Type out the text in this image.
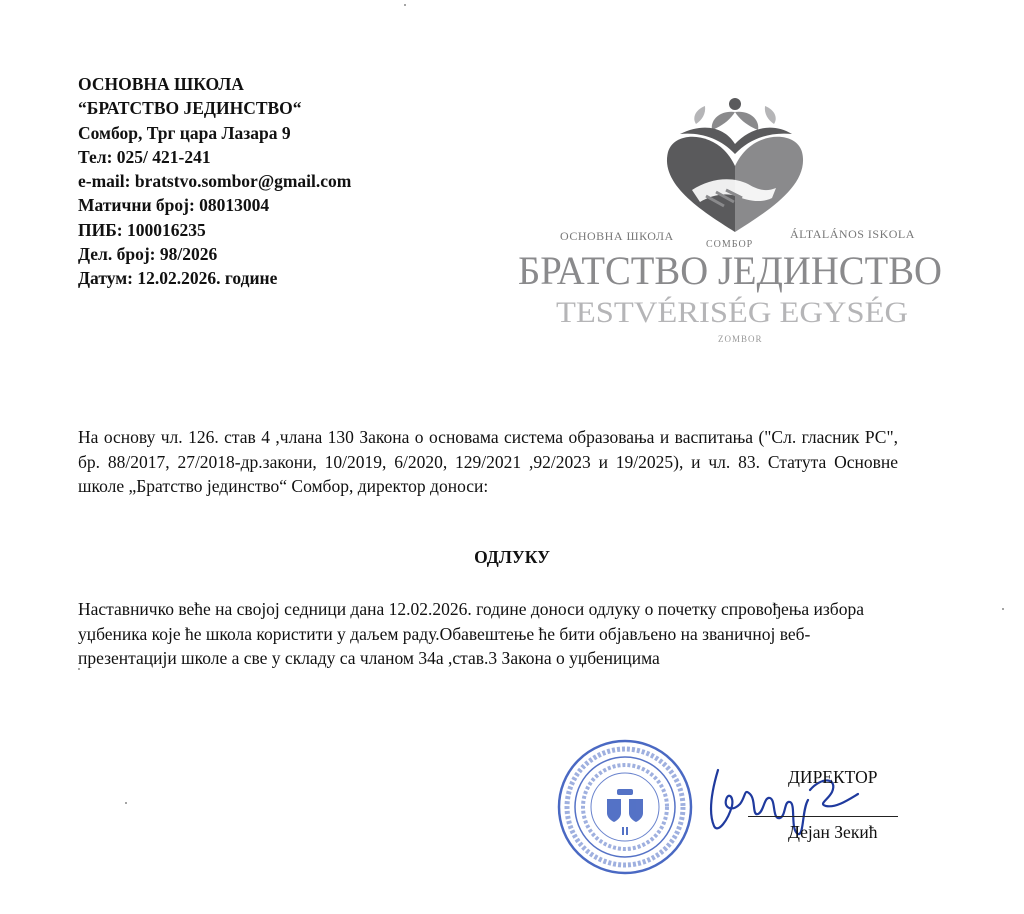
ОСНОВНА ШКОЛА
“БРАТСТВО ЈЕДИНСТВО“
Сомбор, Трг цара Лазара 9
Тел: 025/ 421-241
e-mail: bratstvo.sombor@gmail.com
Матични број: 08013004
ПИБ: 100016235
Дел. број: 98/2026
Датум: 12.02.2026. године
ОСНОВНА ШКОЛА
СОМБОР
ÁLTALÁNOS ISKOLA
БРАТСТВО ЈЕДИНСТВО
TESTVÉRISÉG EGYSÉG
ZOMBOR
На основу чл. 126. став 4 ,члана 130 Закона о основама система образовања и васпитања ("Сл. гласник РС", бр. 88/2017, 27/2018-др.закони, 10/2019, 6/2020, 129/2021 ,92/2023 и 19/2025), и чл. 83. Статута Основне школе „Братство јединство“ Сомбор, директор доноси:
ОДЛУКУ
Наставничко веће на својој седници дана 12.02.2026. године доноси одлуку о почетку спровођења избора уџбеника које ће школа користити у даљем раду.Обавештење ће бити објављено на званичној веб-презентацији школе а све у складу са чланом 34а ,став.3 Закона о уџбеницима
ДИРЕКТОР
Дејан Зекић
